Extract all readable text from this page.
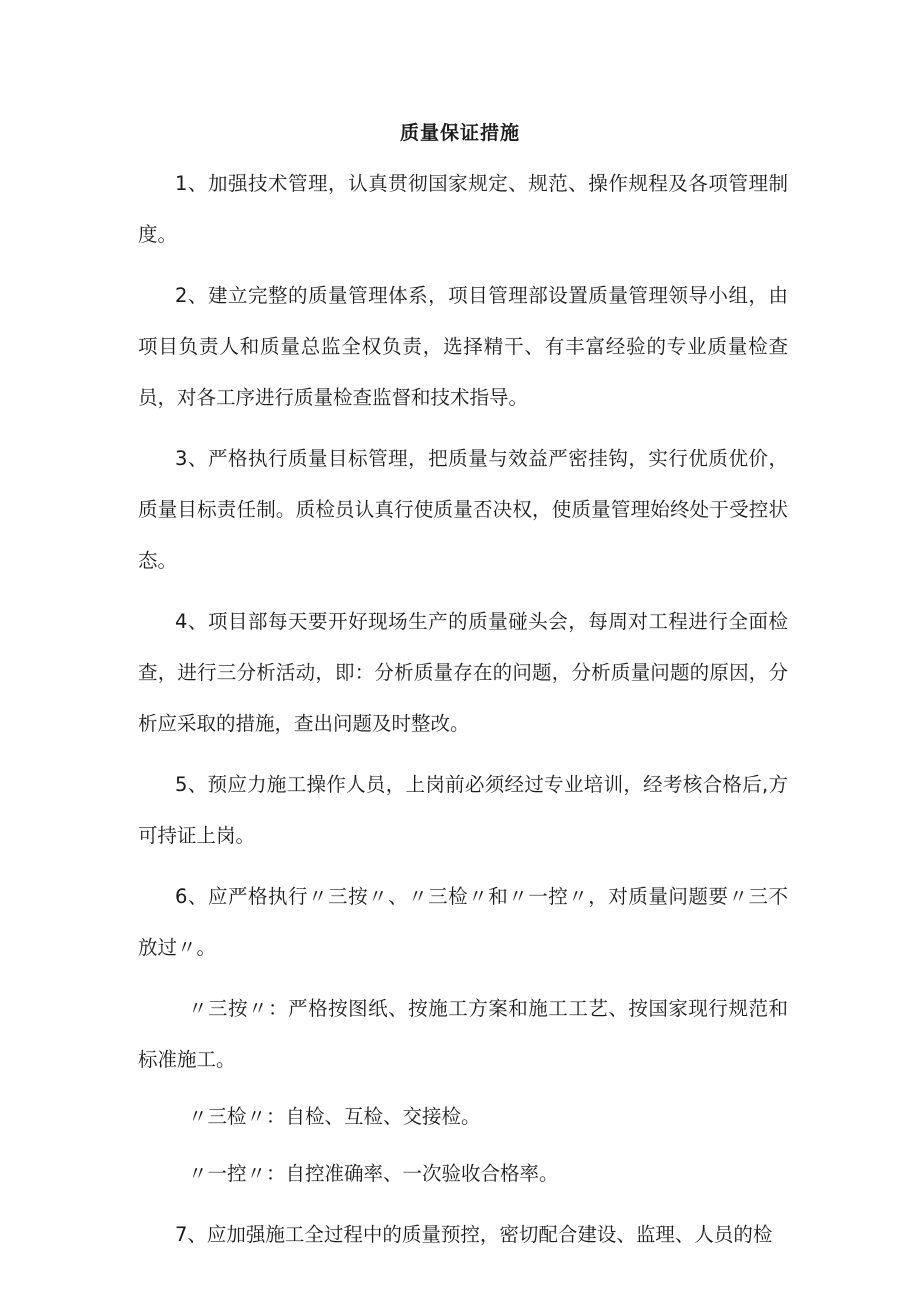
质量保证措施

1、加强技术管理，认真贯彻国家规定、规范、操作规程及各项管理制度。

2、建立完整的质量管理体系，项目管理部设置质量管理领导小组，由项目负责人和质量总监全权负责，选择精干、有丰富经验的专业质量检查员，对各工序进行质量检查监督和技术指导。

3、严格执行质量目标管理，把质量与效益严密挂钩，实行优质优价，质量目标责任制。质检员认真行使质量否决权，使质量管理始终处于受控状态。

4、项目部每天要开好现场生产的质量碰头会，每周对工程进行全面检查，进行三分析活动，即：分析质量存在的问题，分析质量问题的原因，分析应采取的措施，查出问题及时整改。

5、预应力施工操作人员，上岗前必须经过专业培训，经考核合格后,方可持证上岗。

6、应严格执行〃三按〃、〃三检〃和〃一控〃，对质量问题要〃三不放过〃。

〃三按〃：严格按图纸、按施工方案和施工工艺、按国家现行规范和标准施工。

〃三检〃：自检、互检、交接检。

〃一控〃：自控准确率、一次验收合格率。

7、应加强施工全过程中的质量预控，密切配合建设、监理、人员的检
